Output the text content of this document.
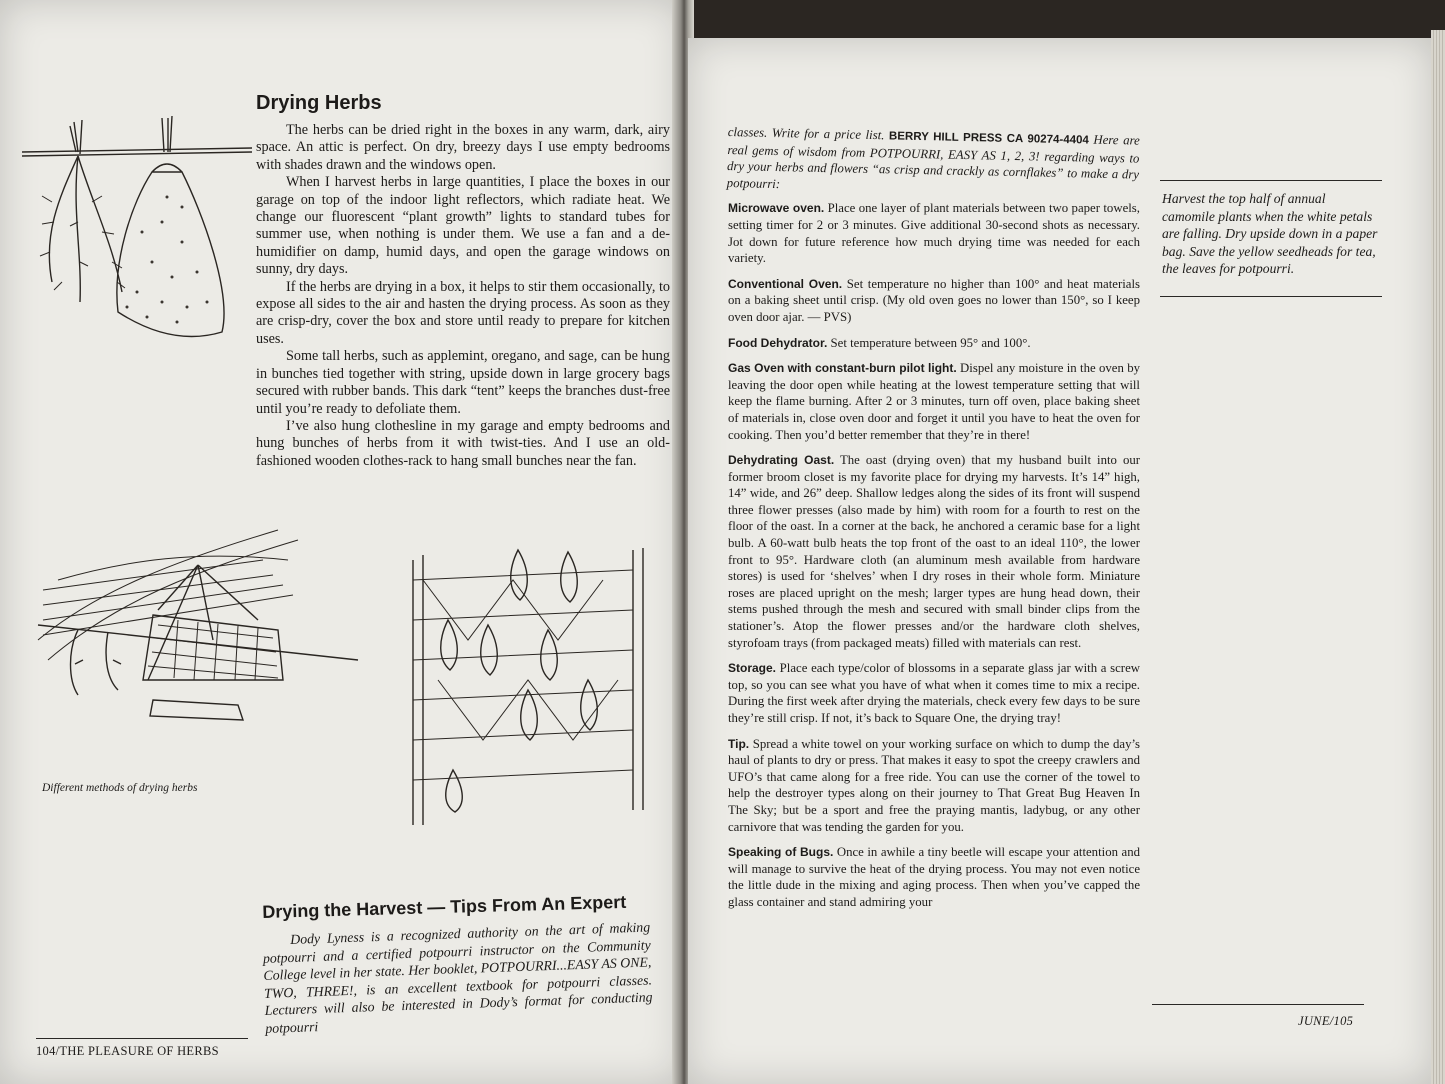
Drying Herbs

The herbs can be dried right in the boxes in any warm, dark, airy space. An attic is perfect. On dry, breezy days I use empty bedrooms with shades drawn and the windows open.

When I harvest herbs in large quantities, I place the boxes in our garage on top of the indoor light reflectors, which radiate heat. We change our fluorescent “plant growth” lights to standard tubes for summer use, when nothing is under them. We use a fan and a de-humidifier on damp, humid days, and open the garage windows on sunny, dry days.

If the herbs are drying in a box, it helps to stir them occasionally, to expose all sides to the air and hasten the drying process. As soon as they are crisp-dry, cover the box and store until ready to prepare for kitchen uses.

Some tall herbs, such as applemint, oregano, and sage, can be hung in bunches tied together with string, upside down in large grocery bags secured with rubber bands. This dark “tent” keeps the branches dust-free until you’re ready to defoliate them.

I’ve also hung clothesline in my garage and empty bedrooms and hung bunches of herbs from it with twist-ties. And I use an old-fashioned wooden clothes-rack to hang small bunches near the fan.

Different methods of drying herbs
Drying the Harvest — Tips From An Expert
Dody Lyness is a recognized authority on the art of making potpourri and a certified potpourri instructor on the Community College level in her state. Her booklet, POTPOURRI...EASY AS ONE, TWO, THREE!, is an excellent textbook for potpourri classes. Lecturers will also be interested in Dody’s format for conducting potpourri
104/THE PLEASURE OF HERBS

classes. Write for a price list. BERRY HILL PRESS CA 90274-4404 Here are real gems of wisdom from POTPOURRI, EASY AS 1, 2, 3! regarding ways to dry your herbs and flowers “as crisp and crackly as cornflakes” to make a dry potpourri:

Microwave oven. Place one layer of plant materials between two paper towels, setting timer for 2 or 3 minutes. Give additional 30-second shots as necessary. Jot down for future reference how much drying time was needed for each variety.

Conventional Oven. Set temperature no higher than 100° and heat materials on a baking sheet until crisp. (My old oven goes no lower than 150°, so I keep oven door ajar. — PVS)

Food Dehydrator. Set temperature between 95° and 100°.

Gas Oven with constant-burn pilot light. Dispel any moisture in the oven by leaving the door open while heating at the lowest temperature setting that will keep the flame burning. After 2 or 3 minutes, turn off oven, place baking sheet of materials in, close oven door and forget it until you have to heat the oven for cooking. Then you’d better remember that they’re in there!

Dehydrating Oast. The oast (drying oven) that my husband built into our former broom closet is my favorite place for drying my harvests. It’s 14” high, 14” wide, and 26” deep. Shallow ledges along the sides of its front will suspend three flower presses (also made by him) with room for a fourth to rest on the floor of the oast. In a corner at the back, he anchored a ceramic base for a light bulb. A 60-watt bulb heats the top front of the oast to an ideal 110°, the lower front to 95°. Hardware cloth (an aluminum mesh available from hardware stores) is used for ‘shelves’ when I dry roses in their whole form. Miniature roses are placed upright on the mesh; larger types are hung head down, their stems pushed through the mesh and secured with small binder clips from the stationer’s. Atop the flower presses and/or the hardware cloth shelves, styrofoam trays (from packaged meats) filled with materials can rest.

Storage. Place each type/color of blossoms in a separate glass jar with a screw top, so you can see what you have of what when it comes time to mix a recipe. During the first week after drying the materials, check every few days to be sure they’re still crisp. If not, it’s back to Square One, the drying tray!

Tip. Spread a white towel on your working surface on which to dump the day’s haul of plants to dry or press. That makes it easy to spot the creepy crawlers and UFO’s that came along for a free ride. You can use the corner of the towel to help the destroyer types along on their journey to That Great Bug Heaven In The Sky; but be a sport and free the praying mantis, ladybug, or any other carnivore that was tending the garden for you.

Speaking of Bugs. Once in awhile a tiny beetle will escape your attention and will manage to survive the heat of the drying process. You may not even notice the little dude in the mixing and aging process. Then when you’ve capped the glass container and stand admiring your

Harvest the top half of annual camomile plants when the white petals are falling. Dry upside down in a paper bag. Save the yellow seedheads for tea, the leaves for potpourri.
JUNE/105
